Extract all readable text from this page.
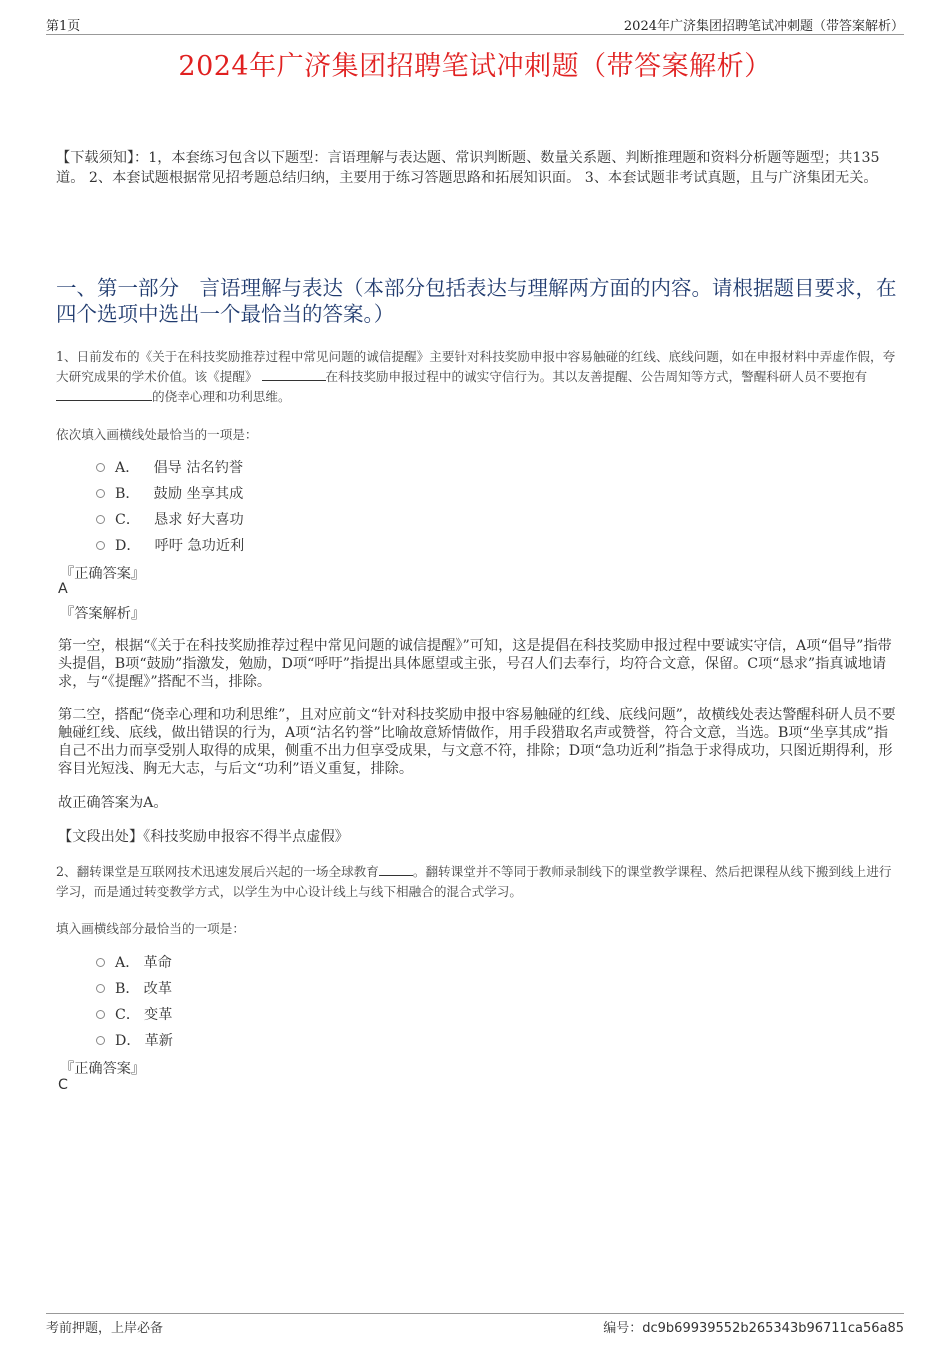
第1页	2024年广济集团招聘笔试冲刺题（带答案解析）
2024年广济集团招聘笔试冲刺题（带答案解析）
【下载须知】：1，本套练习包含以下题型：言语理解与表达题、常识判断题、数量关系题、判断推理题和资料分析题等题型；共135道。 2、本套试题根据常见招考题总结归纳，主要用于练习答题思路和拓展知识面。 3、本套试题非考试真题，且与广济集团无关。
一、第一部分　言语理解与表达（本部分包括表达与理解两方面的内容。请根据题目要求，在四个选项中选出一个最恰当的答案。）
1、日前发布的《关于在科技奖励推荐过程中常见问题的诚信提醒》主要针对科技奖励申报中容易触碰的红线、底线问题，如在申报材料中弄虚作假，夸大研究成果的学术价值。该《提醒》	在科技奖励申报过程中的诚实守信行为。其以友善提醒、公告周知等方式，警醒科研人员不要抱有 的侥幸心理和功利思维。
依次填入画横线处最恰当的一项是：
A． 倡导 沽名钓誉
B． 鼓励 坐享其成
C． 恳求 好大喜功
D． 呼吁 急功近利
『正确答案』
A
『答案解析』
第一空，根据“《关于在科技奖励推荐过程中常见问题的诚信提醒》”可知，这是提倡在科技奖励申报过程中要诚实守信，A项“倡导”指带头提倡，B项“鼓励”指激发，勉励，D项“呼吁”指提出具体愿望或主张，号召人们去奉行，均符合文意，保留。C项“恳求”指真诚地请求，与“《提醒》”搭配不当，排除。
第二空，搭配“侥幸心理和功利思维”，且对应前文“针对科技奖励申报中容易触碰的红线、底线问题”，故横线处表达警醒科研人员不要触碰红线、底线，做出错误的行为，A项“沽名钓誉”比喻故意矫情做作，用手段猎取名声或赞誉，符合文意，当选。B项“坐享其成”指自己不出力而享受别人取得的成果，侧重不出力但享受成果，与文意不符，排除；D项“急功近利”指急于求得成功，只图近期得利，形容目光短浅、胸无大志，与后文“功利”语义重复，排除。
故正确答案为A。
【文段出处】《科技奖励申报容不得半点虚假》
2、翻转课堂是互联网技术迅速发展后兴起的一场全球教育	。翻转课堂并不等同于教师录制线下的课堂教学课程、然后把课程从线下搬到线上进行学习，而是通过转变教学方式，以学生为中心设计线上与线下相融合的混合式学习。
填入画横线部分最恰当的一项是：
A． 革命
B． 改革
C． 变革
D． 革新
『正确答案』
C
考前押题，上岸必备	编号：dc9b69939552b265343b96711ca56a85
